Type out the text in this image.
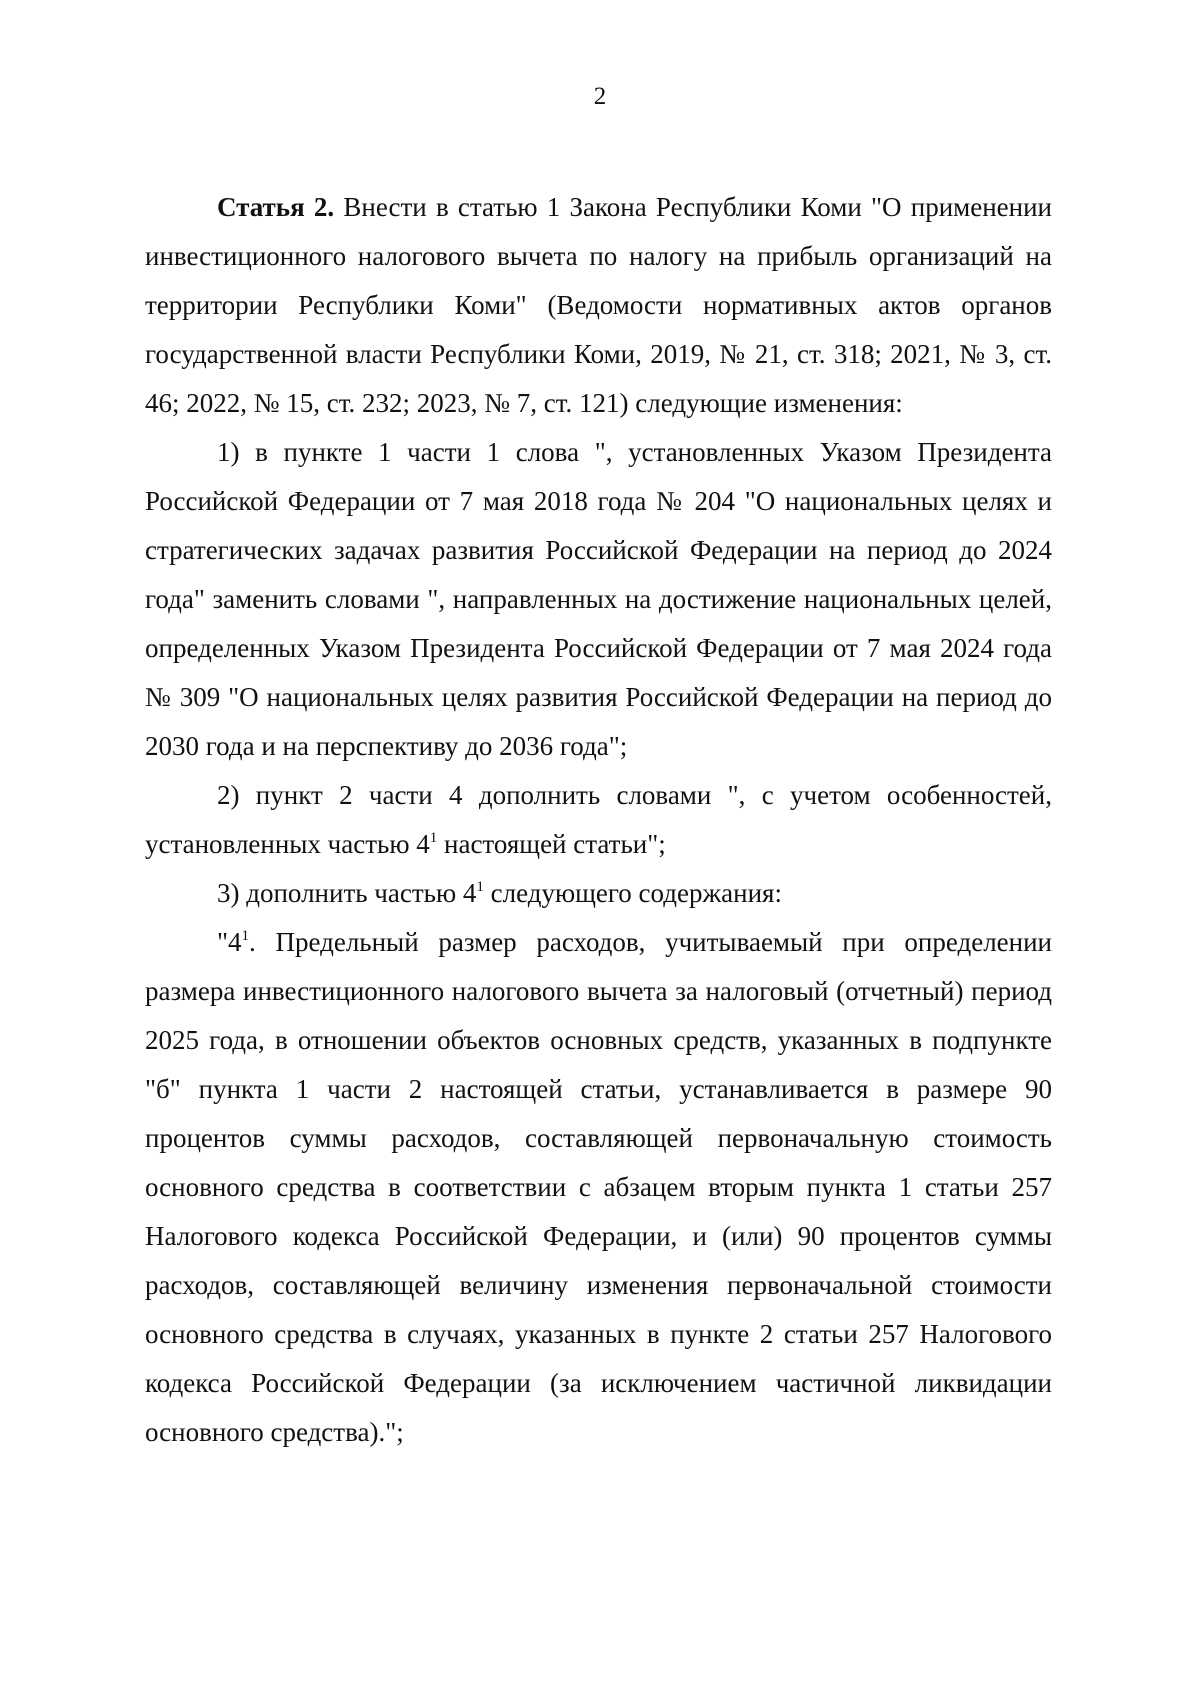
2

Статья 2. Внести в статью 1 Закона Республики Коми "О применении инвестиционного налогового вычета по налогу на прибыль организаций на территории Республики Коми" (Ведомости нормативных актов органов государственной власти Республики Коми, 2019, № 21, ст. 318; 2021, № 3, ст. 46; 2022, № 15, ст. 232; 2023, № 7, ст. 121) следующие изменения:

1) в пункте 1 части 1 слова ", установленных Указом Президента Российской Федерации от 7 мая 2018 года № 204 "О национальных целях и стратегических задачах развития Российской Федерации на период до 2024 года" заменить словами ", направленных на достижение национальных целей, определенных Указом Президента Российской Федерации от 7 мая 2024 года № 309 "О национальных целях развития Российской Федерации на период до 2030 года и на перспективу до 2036 года";

2) пункт 2 части 4 дополнить словами ", с учетом особенностей, установленных частью $4^1$ настоящей статьи";

3) дополнить частью $4^1$ следующего содержания:

"$4^1$. Предельный размер расходов, учитываемый при определении размера инвестиционного налогового вычета за налоговый (отчетный) период 2025 года, в отношении объектов основных средств, указанных в подпункте "б" пункта 1 части 2 настоящей статьи, устанавливается в размере 90 процентов суммы расходов, составляющей первоначальную стоимость основного средства в соответствии с абзацем вторым пункта 1 статьи 257 Налогового кодекса Российской Федерации, и (или) 90 процентов суммы расходов, составляющей величину изменения первоначальной стоимости основного средства в случаях, указанных в пункте 2 статьи 257 Налогового кодекса Российской Федерации (за исключением частичной ликвидации основного средства).";
